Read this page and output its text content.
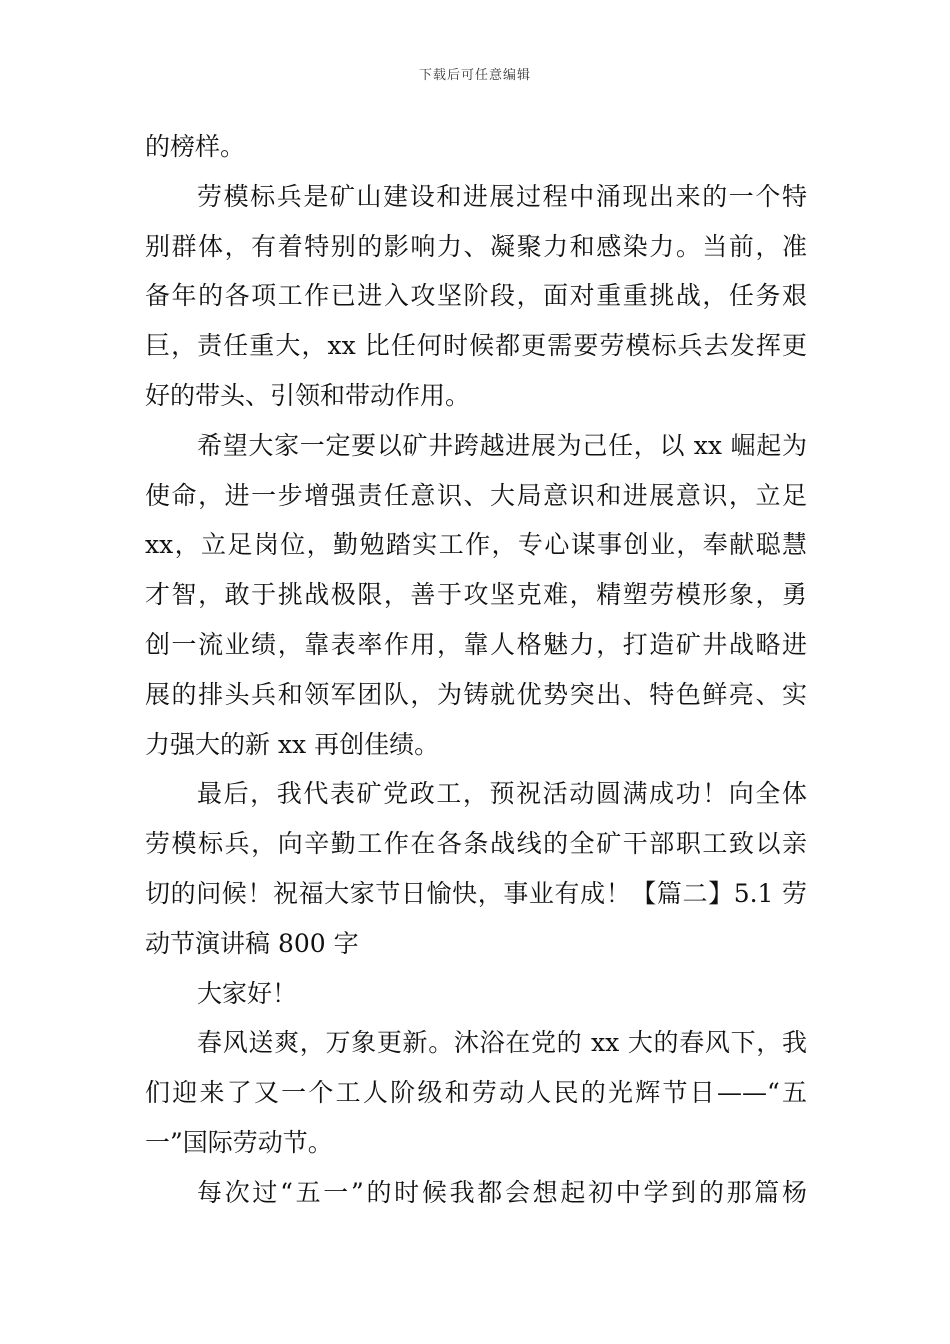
下载后可任意编辑
的榜样。
劳模标兵是矿山建设和进展过程中涌现出来的一个特
别群体，有着特别的影响力、凝聚力和感染力。当前，准
备年的各项工作已进入攻坚阶段，面对重重挑战，任务艰
巨，责任重大，xx 比任何时候都更需要劳模标兵去发挥更
好的带头、引领和带动作用。
希望大家一定要以矿井跨越进展为己任，以 xx 崛起为
使命，进一步增强责任意识、大局意识和进展意识，立足
xx，立足岗位，勤勉踏实工作，专心谋事创业，奉献聪慧
才智，敢于挑战极限，善于攻坚克难，精塑劳模形象，勇
创一流业绩，靠表率作用，靠人格魅力，打造矿井战略进
展的排头兵和领军团队，为铸就优势突出、特色鲜亮、实
力强大的新 xx 再创佳绩。
最后，我代表矿党政工，预祝活动圆满成功！向全体
劳模标兵，向辛勤工作在各条战线的全矿干部职工致以亲
切的问候！祝福大家节日愉快，事业有成！【篇二】5.1 劳
动节演讲稿 800 字
大家好！
春风送爽，万象更新。沐浴在党的 xx 大的春风下，我
们迎来了又一个工人阶级和劳动人民的光辉节日——“五
一”国际劳动节。
每次过“五一”的时候我都会想起初中学到的那篇杨
